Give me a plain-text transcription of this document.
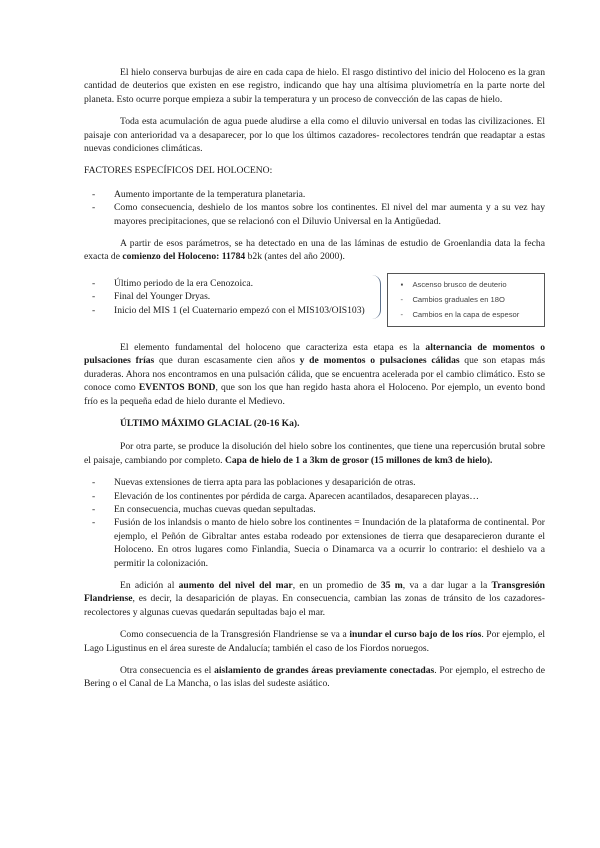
El hielo conserva burbujas de aire en cada capa de hielo. El rasgo distintivo del inicio del Holoceno es la gran cantidad de deuterios que existen en ese registro, indicando que hay una altísima pluviometría en la parte norte del planeta. Esto ocurre porque empieza a subir la temperatura y un proceso de convección de las capas de hielo.

Toda esta acumulación de agua puede aludirse a ella como el diluvio universal en todas las civilizaciones. El paisaje con anterioridad va a desaparecer, por lo que los últimos cazadores- recolectores tendrán que readaptar a estas nuevas condiciones climáticas.

FACTORES ESPECÍFICOS DEL HOLOCENO:

- Aumento importante de la temperatura planetaria.
- Como consecuencia, deshielo de los mantos sobre los continentes. El nivel del mar aumenta y a su vez hay mayores precipitaciones, que se relacionó con el Diluvio Universal en la Antigüedad.

A partir de esos parámetros, se ha detectado en una de las láminas de estudio de Groenlandia data la fecha exacta de comienzo del Holoceno: 11784 b2k (antes del año 2000).

- Último periodo de la era Cenozoica.
- Final del Younger Dryas.
- Inicio del MIS 1 (el Cuaternario empezó con el MIS103/OIS103)
▪ Ascenso brusco de deuterio
- Cambios graduales en 18O
- Cambios en la capa de espesor

El elemento fundamental del holoceno que caracteriza esta etapa es la alternancia de momentos o pulsaciones frías que duran escasamente cien años y de momentos o pulsaciones cálidas que son etapas más duraderas. Ahora nos encontramos en una pulsación cálida, que se encuentra acelerada por el cambio climático. Esto se conoce como EVENTOS BOND, que son los que han regido hasta ahora el Holoceno. Por ejemplo, un evento bond frío es la pequeña edad de hielo durante el Medievo.

ÚLTIMO MÁXIMO GLACIAL (20-16 Ka).

Por otra parte, se produce la disolución del hielo sobre los continentes, que tiene una repercusión brutal sobre el paisaje, cambiando por completo. Capa de hielo de 1 a 3km de grosor (15 millones de km3 de hielo).

- Nuevas extensiones de tierra apta para las poblaciones y desaparición de otras.
- Elevación de los continentes por pérdida de carga. Aparecen acantilados, desaparecen playas…
- En consecuencia, muchas cuevas quedan sepultadas.
- Fusión de los inlandsis o manto de hielo sobre los continentes = Inundación de la plataforma de continental. Por ejemplo, el Peñón de Gibraltar antes estaba rodeado por extensiones de tierra que desaparecieron durante el Holoceno. En otros lugares como Finlandia, Suecia o Dinamarca va a ocurrir lo contrario: el deshielo va a permitir la colonización.

En adición al aumento del nivel del mar, en un promedio de 35 m, va a dar lugar a la Transgresión Flandriense, es decir, la desaparición de playas. En consecuencia, cambian las zonas de tránsito de los cazadores-recolectores y algunas cuevas quedarán sepultadas bajo el mar.

Como consecuencia de la Transgresión Flandriense se va a inundar el curso bajo de los ríos. Por ejemplo, el Lago Ligustinus en el área sureste de Andalucía; también el caso de los Fiordos noruegos.

Otra consecuencia es el aislamiento de grandes áreas previamente conectadas. Por ejemplo, el estrecho de Bering o el Canal de La Mancha, o las islas del sudeste asiático.
